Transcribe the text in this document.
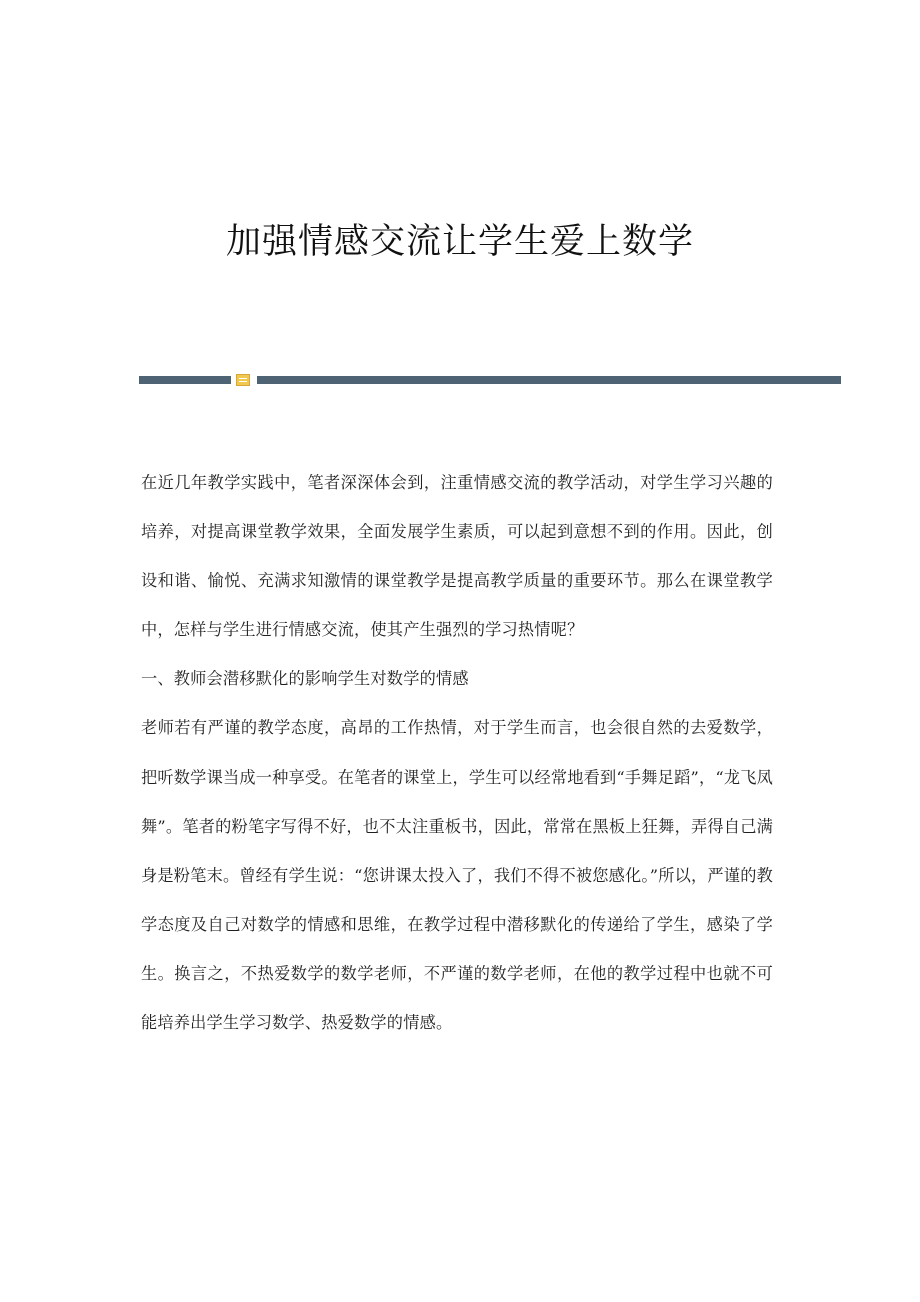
加强情感交流让学生爱上数学

在近几年教学实践中，笔者深深体会到，注重情感交流的教学活动，对学生学习兴趣的培养，对提高课堂教学效果，全面发展学生素质，可以起到意想不到的作用。因此，创设和谐、愉悦、充满求知激情的课堂教学是提高教学质量的重要环节。那么在课堂教学中，怎样与学生进行情感交流，使其产生强烈的学习热情呢？

一、教师会潜移默化的影响学生对数学的情感

老师若有严谨的教学态度，高昂的工作热情，对于学生而言，也会很自然的去爱数学，把听数学课当成一种享受。在笔者的课堂上，学生可以经常地看到“手舞足蹈”，“龙飞凤舞”。笔者的粉笔字写得不好，也不太注重板书，因此，常常在黑板上狂舞，弄得自己满身是粉笔末。曾经有学生说：“您讲课太投入了，我们不得不被您感化。”所以，严谨的教学态度及自己对数学的情感和思维，在教学过程中潜移默化的传递给了学生，感染了学生。换言之，不热爱数学的数学老师，不严谨的数学老师，在他的教学过程中也就不可能培养出学生学习数学、热爱数学的情感。
